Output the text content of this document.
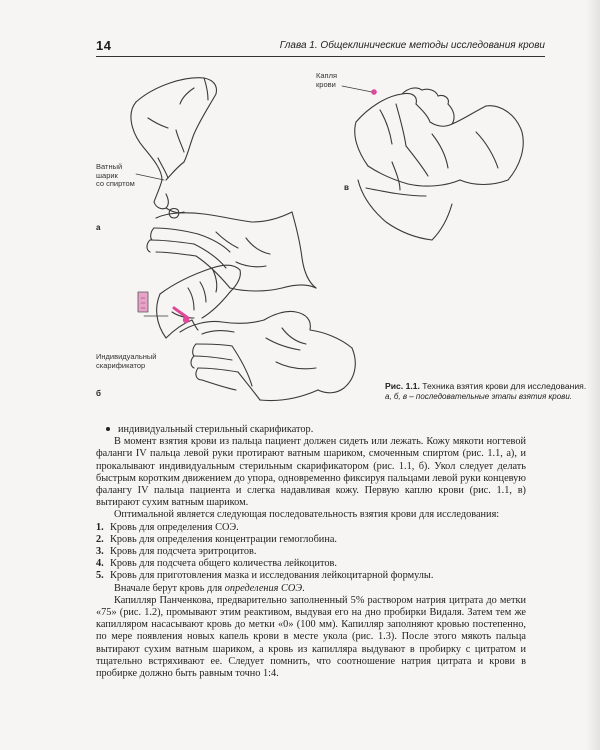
14	Глава 1. Общеклинические методы исследования крови
Ватный
шарик
со спиртом
Капля
крови
Индивидуальный
скарификатор
а
в
б
Рис. 1.1. Техника взятия крови для исследования.
а, б, в – последовательные этапы взятия крови.

индивидуальный стерильный скарификатор.

В момент взятия крови из пальца пациент должен сидеть или лежать. Кожу мякоти ногтевой фаланги IV пальца левой руки протирают ватным шариком, смоченным спиртом (рис. 1.1, а), и прокалывают индивидуальным стерильным скарификатором (рис. 1.1, б). Укол следует делать быстрым коротким движением до упора, одновременно фиксируя пальцами левой руки концевую фалангу IV пальца пациента и слегка надавливая кожу. Первую каплю крови (рис. 1.1, в) вытирают сухим ватным шариком.

Оптимальной является следующая последовательность взятия крови для исследования:

1. Кровь для определения СОЭ.
2. Кровь для определения концентрации гемоглобина.
3. Кровь для подсчета эритроцитов.
4. Кровь для подсчета общего количества лейкоцитов.
5. Кровь для приготовления мазка и исследования лейкоцитарной формулы.

Вначале берут кровь для определения СОЭ.

Капилляр Панченкова, предварительно заполненный 5% раствором натрия цитрата до метки «75» (рис. 1.2), промывают этим реактивом, выдувая его на дно пробирки Видаля. Затем тем же капилляром насасывают кровь до метки «0» (100 мм). Капилляр заполняют кровью постепенно, по мере появления новых капель крови в месте укола (рис. 1.3). После этого мякоть пальца вытирают сухим ватным шариком, а кровь из капилляра выдувают в пробирку с цитратом и тщательно встряхивают ее. Следует помнить, что соотношение натрия цитрата и крови в пробирке должно быть равным точно 1:4.
